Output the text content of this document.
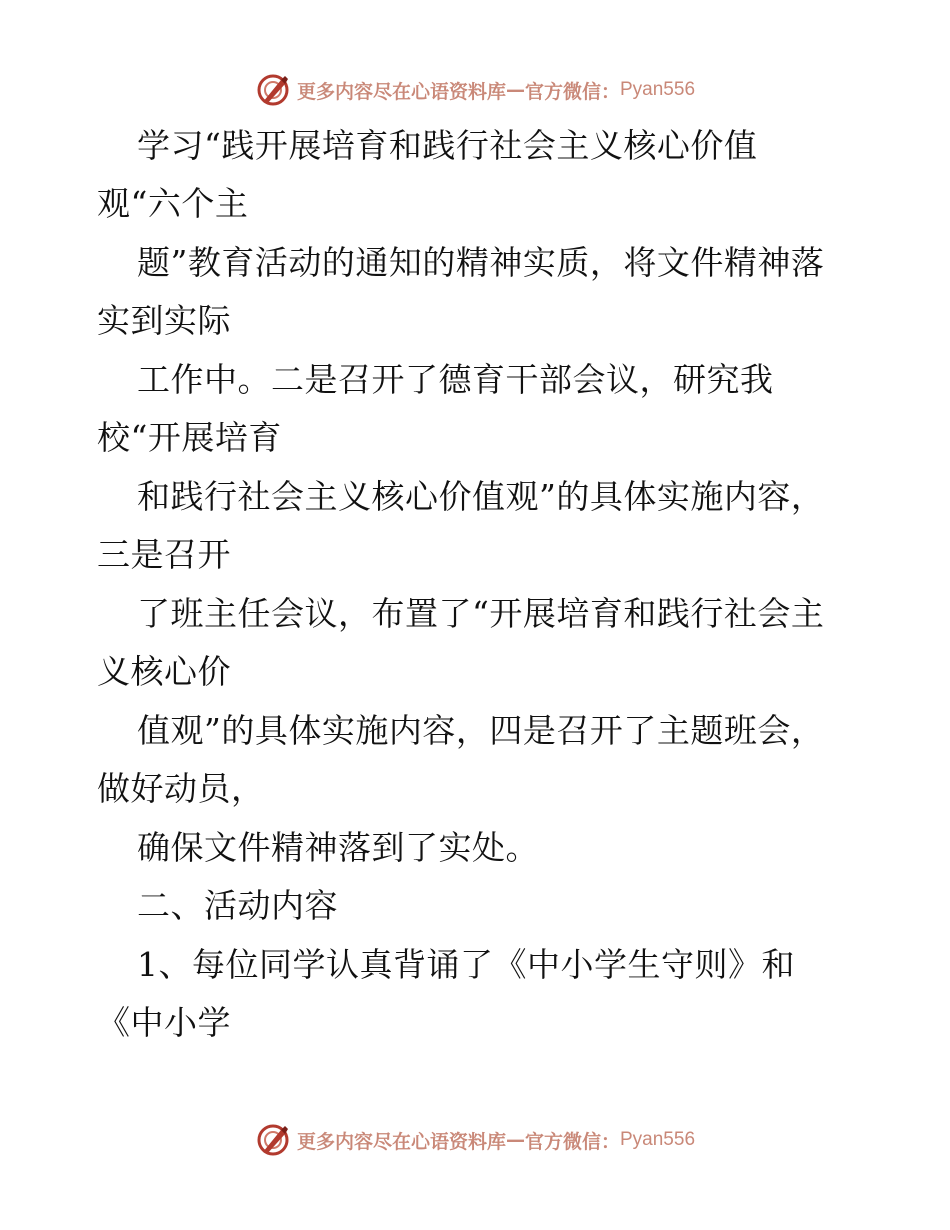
更多内容尽在心语资料库 — 官方微信： Pyan556
学习“践开展培育和践行社会主义核心价值
观“六个主
题”教育活动的通知的精神实质，将文件精神落
实到实际
工作中。二是召开了德育干部会议，研究我
校“开展培育
和践行社会主义核心价值观”的具体实施内容，
三是召开
了班主任会议，布置了“开展培育和践行社会主
义核心价
值观”的具体实施内容，四是召开了主题班会，
做好动员，
确保文件精神落到了实处。
二、活动内容
1、每位同学认真背诵了《中小学生守则》和
《中小学
更多内容尽在心语资料库 — 官方微信： Pyan556
